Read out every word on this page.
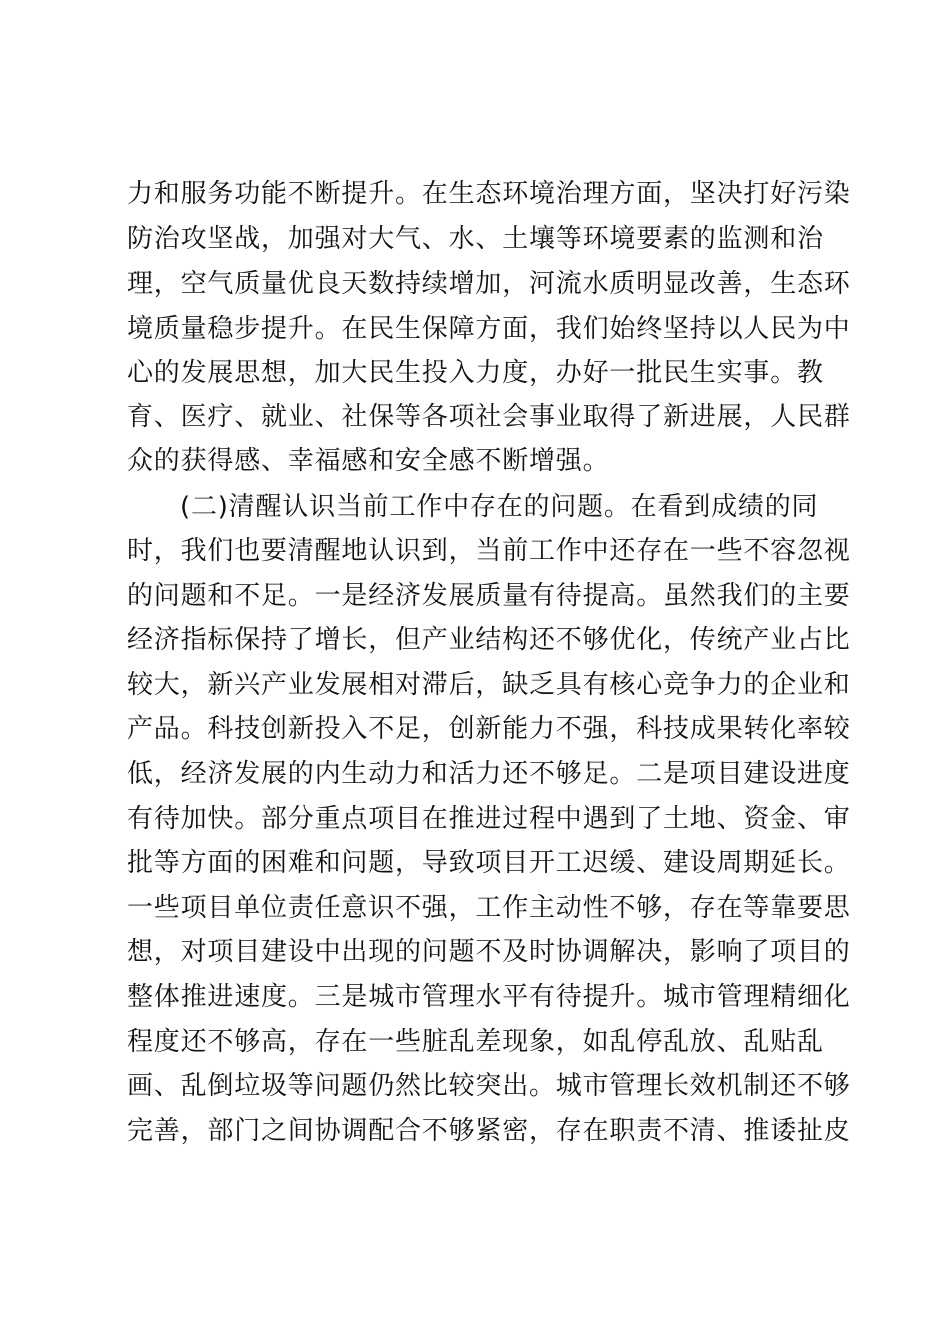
力和服务功能不断提升。在生态环境治理方面，坚决打好污染
防治攻坚战，加强对大气、水、土壤等环境要素的监测和治
理，空气质量优良天数持续增加，河流水质明显改善，生态环
境质量稳步提升。在民生保障方面，我们始终坚持以人民为中
心的发展思想，加大民生投入力度，办好一批民生实事。教
育、医疗、就业、社保等各项社会事业取得了新进展，人民群
众的获得感、幸福感和安全感不断增强。
(二)清醒认识当前工作中存在的问题。在看到成绩的同
时，我们也要清醒地认识到，当前工作中还存在一些不容忽视
的问题和不足。一是经济发展质量有待提高。虽然我们的主要
经济指标保持了增长，但产业结构还不够优化，传统产业占比
较大，新兴产业发展相对滞后，缺乏具有核心竞争力的企业和
产品。科技创新投入不足，创新能力不强，科技成果转化率较
低，经济发展的内生动力和活力还不够足。二是项目建设进度
有待加快。部分重点项目在推进过程中遇到了土地、资金、审
批等方面的困难和问题，导致项目开工迟缓、建设周期延长。
一些项目单位责任意识不强，工作主动性不够，存在等靠要思
想，对项目建设中出现的问题不及时协调解决，影响了项目的
整体推进速度。三是城市管理水平有待提升。城市管理精细化
程度还不够高，存在一些脏乱差现象，如乱停乱放、乱贴乱
画、乱倒垃圾等问题仍然比较突出。城市管理长效机制还不够
完善，部门之间协调配合不够紧密，存在职责不清、推诿扯皮
